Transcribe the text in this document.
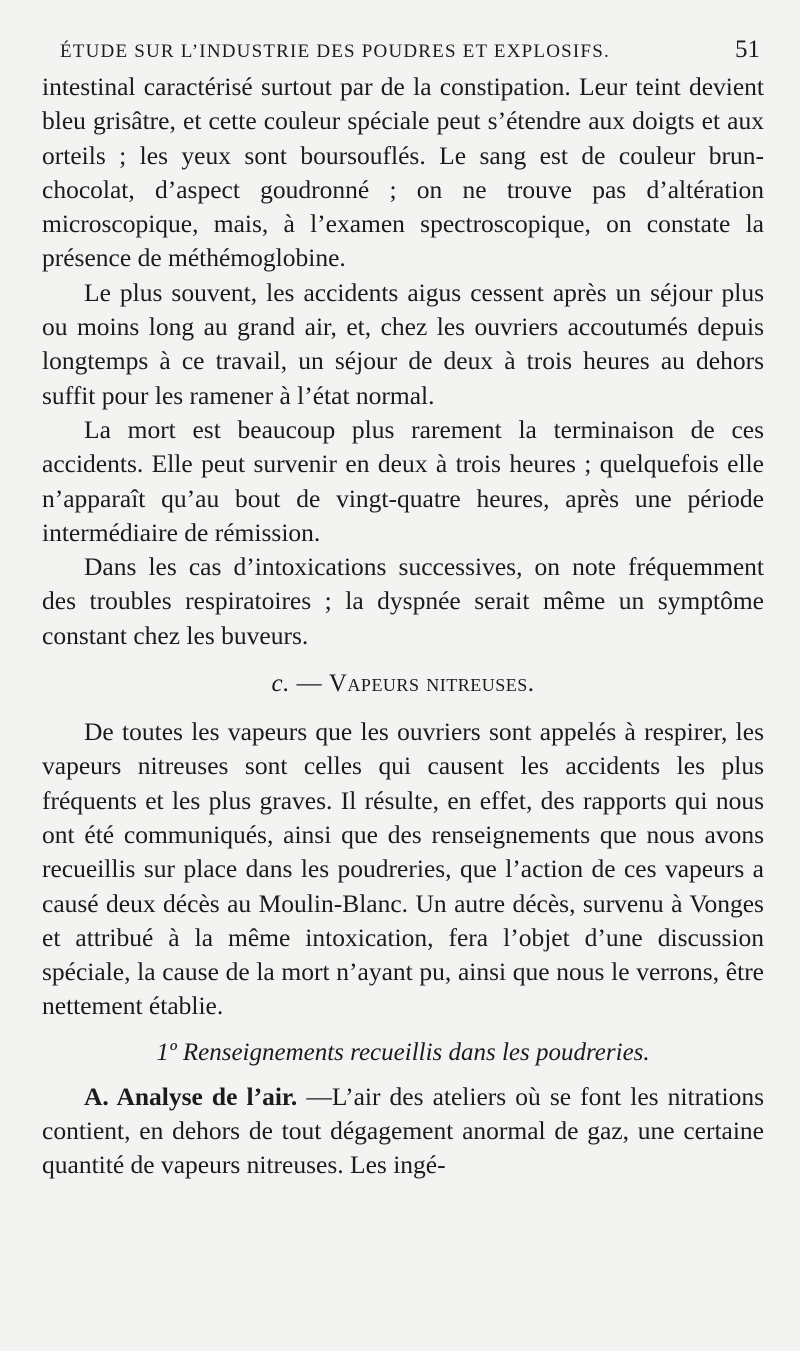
ÉTUDE SUR L’INDUSTRIE DES POUDRES ET EXPLOSIFS.	51

intestinal caractérisé surtout par de la constipation. Leur teint devient bleu grisâtre, et cette couleur spéciale peut s’étendre aux doigts et aux orteils ; les yeux sont boursouflés. Le sang est de couleur brun-chocolat, d’aspect goudronné ; on ne trouve pas d’altération microscopique, mais, à l’examen spectroscopique, on constate la présence de méthémoglobine.

Le plus souvent, les accidents aigus cessent après un séjour plus ou moins long au grand air, et, chez les ouvriers accoutumés depuis longtemps à ce travail, un séjour de deux à trois heures au dehors suffit pour les ramener à l’état normal.

La mort est beaucoup plus rarement la terminaison de ces accidents. Elle peut survenir en deux à trois heures ; quelquefois elle n’apparaît qu’au bout de vingt-quatre heures, après une période intermédiaire de rémission.

Dans les cas d’intoxications successives, on note fréquemment des troubles respiratoires ; la dyspnée serait même un symptôme constant chez les buveurs.

c. — Vapeurs nitreuses.

De toutes les vapeurs que les ouvriers sont appelés à respirer, les vapeurs nitreuses sont celles qui causent les accidents les plus fréquents et les plus graves. Il résulte, en effet, des rapports qui nous ont été communiqués, ainsi que des renseignements que nous avons recueillis sur place dans les poudreries, que l’action de ces vapeurs a causé deux décès au Moulin-Blanc. Un autre décès, survenu à Vonges et attribué à la même intoxication, fera l’objet d’une discussion spéciale, la cause de la mort n’ayant pu, ainsi que nous le verrons, être nettement établie.

1º Renseignements recueillis dans les poudreries.

A. Analyse de l’air. —L’air des ateliers où se font les nitrations contient, en dehors de tout dégagement anormal de gaz, une certaine quantité de vapeurs nitreuses. Les ingé-
